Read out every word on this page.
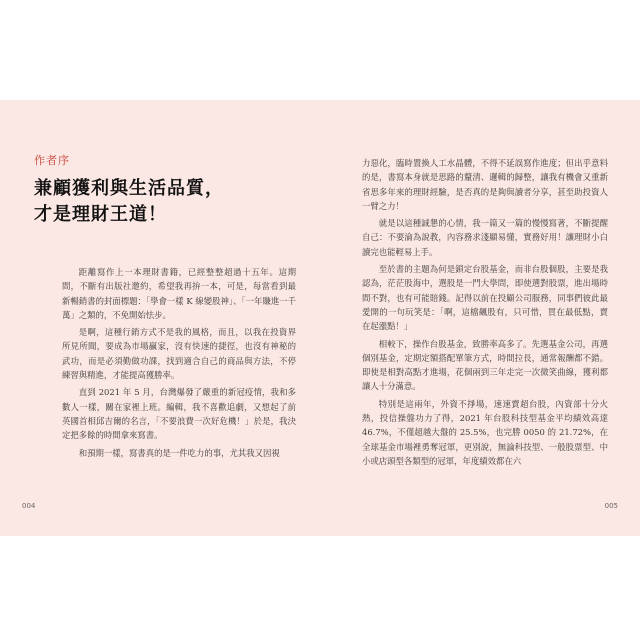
作者序
兼顧獲利與生活品質，
才是理財王道！

距離寫作上一本理財書籍，已經整整超過十五年。這期間，不斷有出版社邀約，希望我再拚一本，可是，每當看到最新暢銷書的封面標題：「學會一樣 K 線變股神」、「一年賺進一千萬」之類的，不免開始怯步。

是啊，這種行銷方式不是我的風格，而且，以我在投資界所見所聞，要成為市場贏家，沒有快速的捷徑，也沒有神秘的武功，而是必須勤做功課，找到適合自己的商品與方法，不停練習與精進，才能提高獲勝率。

直到 2021 年 5 月，台灣爆發了嚴重的新冠疫情，我和多數人一樣，關在家裡上班。編輯，我不喜歡追劇，又想起了前英國首相邱吉爾的名言，「不要浪費一次好危機！」於是，我決定把多餘的時間拿來寫書。

和預期一樣，寫書真的是一件吃力的事，尤其我又因視

004

力惡化，臨時置換人工水晶體，不得不延誤寫作進度；但出乎意料的是，書寫本身就是思路的釐清、邏輯的歸整，讓我有機會又重新省思多年來的理財經驗，是否真的是夠與讀者分享，甚至助投資人一臂之力！

就是以這種誠懇的心情，我一篇又一篇的慢慢寫著，不斷提醒自己：不要淪為說教，內容務求淺顯易懂，實務好用！讓理財小白讀完也能輕易上手。

至於書的主題為何是鎖定台股基金，而非台股個股，主要是我認為，茫茫股海中，選股是一門大學問，即使選對股票，進出場時間不對，也有可能賠錢。記得以前在投顧公司服務，同事們彼此最愛開的一句玩笑是：「啊，這檔飆股有，只可惜，買在最低點，賣在起漲點！」

相較下，操作台股基金，致勝率高多了。先選基金公司，再選個別基金，定期定額搭配單筆方式，時間拉長，通常報酬都不錯。即使是相對高點才進場，花個兩到三年走完一次微笑曲線，獲利都讓人十分滿意。

特別是這兩年，外資不掙場，速速賣超台股，內資部十分火熱，投信操盤功力了得，2021 年台股科技型基金平均績效高達 46.7%，不僅超越大盤的 25.5%，也完勝 0050 的 21.72%，在全球基金市場裡勇奪冠軍，更別說，無論科技型、一般股票型、中小或店頭型各類型的冠軍，年度績效都在六

005
